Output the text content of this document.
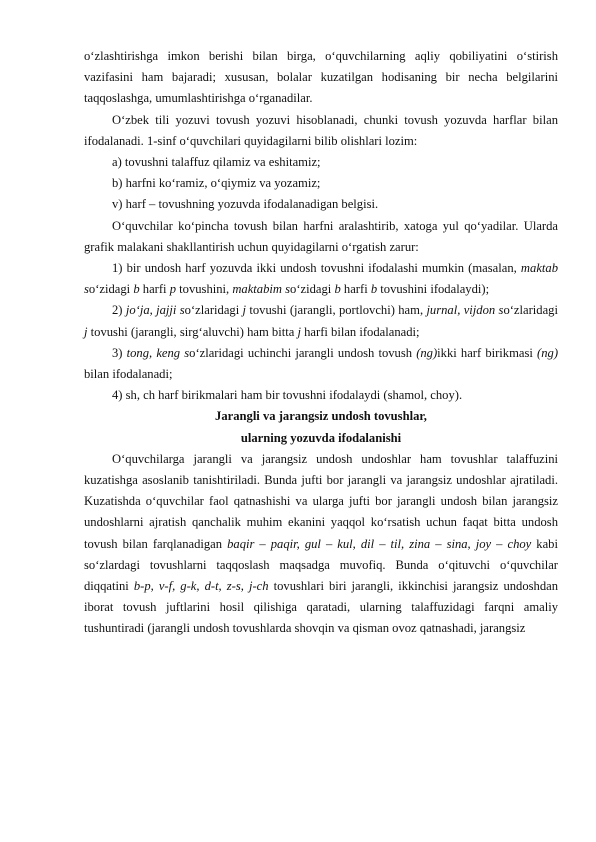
o‘zlashtirishga imkon berishi bilan birga, o‘quvchilarning aqliy qobiliyatini o‘stirish vazifasini ham bajaradi; xususan, bolalar kuzatilgan hodisaning bir necha belgilarini taqqoslashga, umumlashtirishga o‘rganadilar.

O‘zbek tili yozuvi tovush yozuvi hisoblanadi, chunki tovush yozuvda harflar bilan ifodalanadi. 1-sinf o‘quvchilari quyidagilarni bilib olishlari lozim:

a) tovushni talaffuz qilamiz va eshitamiz;

b) harfni ko‘ramiz, o‘qiymiz va yozamiz;

v) harf – tovushning yozuvda ifodalanadigan belgisi.

O‘quvchilar ko‘pincha tovush bilan harfni aralashtirib, xatoga yul qo‘yadilar. Ularda grafik malakani shakllantirish uchun quyidagilarni o‘rgatish zarur:

1) bir undosh harf yozuvda ikki undosh tovushni ifodalashi mumkin (masalan, maktab so‘zidagi b harfi p tovushini, maktabim so‘zidagi b harfi b tovushini ifodalaydi);

2) jo‘ja, jajji so‘zlaridagi j tovushi (jarangli, portlovchi) ham, jurnal, vijdon so‘zlaridagi j tovushi (jarangli, sirg‘aluvchi) ham bitta j harfi bilan ifodalanadi;

3) tong, keng so‘zlaridagi uchinchi jarangli undosh tovush (ng)ikki harf birikmasi (ng) bilan ifodalanadi;

4) sh, ch harf birikmalari ham bir tovushni ifodalaydi (shamol, choy).

Jarangli va jarangsiz undosh tovushlar,

ularning yozuvda ifodalanishi

O‘quvchilarga jarangli va jarangsiz undosh undoshlar ham tovushlar talaffuzini kuzatishga asoslanib tanishtiriladi. Bunda jufti bor jarangli va jarangsiz undoshlar ajratiladi. Kuzatishda o‘quvchilar faol qatnashishi va ularga jufti bor jarangli undosh bilan jarangsiz undoshlarni ajratish qanchalik muhim ekanini yaqqol ko‘rsatish uchun faqat bitta undosh tovush bilan farqlanadigan baqir – paqir, gul – kul, dil – til, zina – sina, joy – choy kabi so‘zlardagi tovushlarni taqqoslash maqsadga muvofiq. Bunda o‘qituvchi o‘quvchilar diqqatini b-p, v-f, g-k, d-t, z-s, j-ch tovushlari biri jarangli, ikkinchisi jarangsiz undoshdan iborat tovush juftlarini hosil qilishiga qaratadi, ularning talaffuzidagi farqni amaliy tushuntiradi (jarangli undosh tovushlarda shovqin va qisman ovoz qatnashadi, jarangsiz
